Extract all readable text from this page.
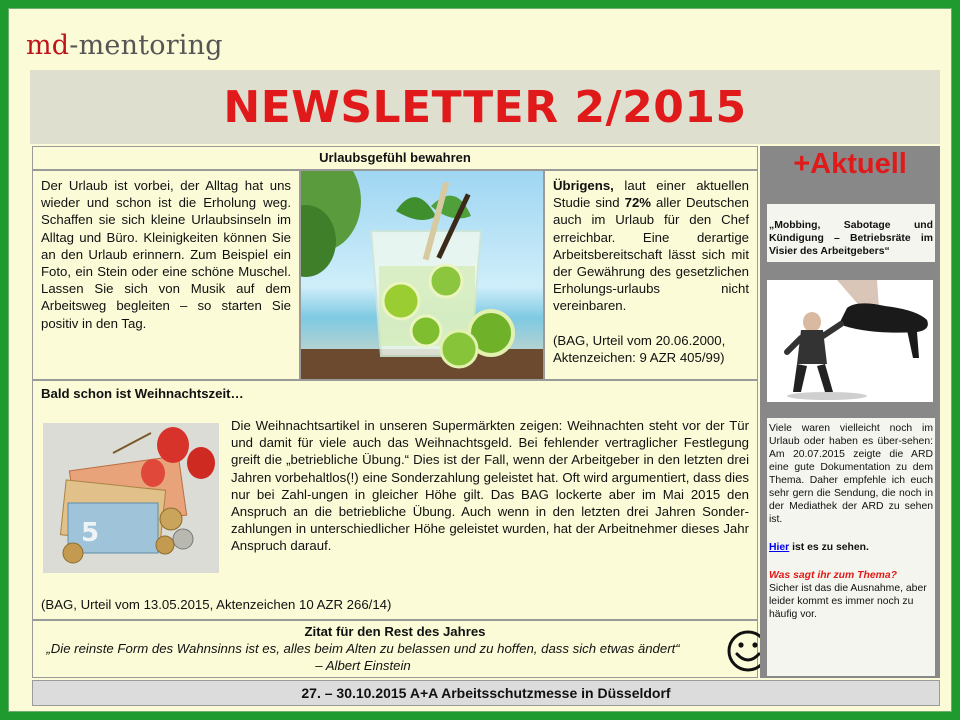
md-mentoring
NEWSLETTER 2/2015
Urlaubsgefühl bewahren

Der Urlaub ist vorbei, der Alltag hat uns wieder und schon ist die Erholung weg. Schaffen sie sich kleine Urlaubsinseln im Alltag und Büro. Kleinigkeiten können Sie an den Urlaub erinnern. Zum Beispiel ein Foto, ein Stein oder eine schöne Muschel. Lassen Sie sich von Musik auf dem Arbeitsweg begleiten – so starten Sie positiv in den Tag.

Übrigens, laut einer aktuellen Studie sind 72% aller Deutschen auch im Urlaub für den Chef erreichbar. Eine derartige Arbeitsbereitschaft lässt sich mit der Gewährung des gesetzlichen Erholungs-urlaubs nicht vereinbaren.

(BAG, Urteil vom 20.06.2000, Aktenzeichen: 9 AZR 405/99)

Bald schon ist Weihnachtszeit…
5

Die Weihnachtsartikel in unseren Supermärkten zeigen: Weihnachten steht vor der Tür und damit für viele auch das Weihnachtsgeld. Bei fehlender vertraglicher Festlegung greift die „betriebliche Übung.“ Dies ist der Fall, wenn der Arbeitgeber in den letzten drei Jahren vorbehaltlos(!) eine Sonderzahlung geleistet hat. Oft wird argumentiert, dass dies nur bei Zahl-ungen in gleicher Höhe gilt. Das BAG lockerte aber im Mai 2015 den Anspruch an die betriebliche Übung. Auch wenn in den letzten drei Jahren Sonder-zahlungen in unterschiedlicher Höhe geleistet wurden, hat der Arbeitnehmer dieses Jahr Anspruch darauf.

(BAG, Urteil vom 13.05.2015, Aktenzeichen 10 AZR 266/14)

Zitat für den Rest des Jahres
„Die reinste Form des Wahnsinns ist es, alles beim Alten zu belassen und zu hoffen, dass sich etwas ändert“ – Albert Einstein
+Aktuell
„Mobbing, Sabotage und Kündigung – Betriebsräte im Visier des Arbeitgebers“

Viele waren vielleicht noch im Urlaub oder haben es über-sehen: Am 20.07.2015 zeigte die ARD eine gute Dokumentation zu dem Thema. Daher empfehle ich euch sehr gern die Sendung, die noch in der Mediathek der ARD zu sehen ist.

Hier ist es zu sehen.

Was sagt ihr zum Thema?

Sicher ist das die Ausnahme, aber leider kommt es immer noch zu häufig vor.

27. – 30.10.2015 A+A Arbeitsschutzmesse in Düsseldorf
